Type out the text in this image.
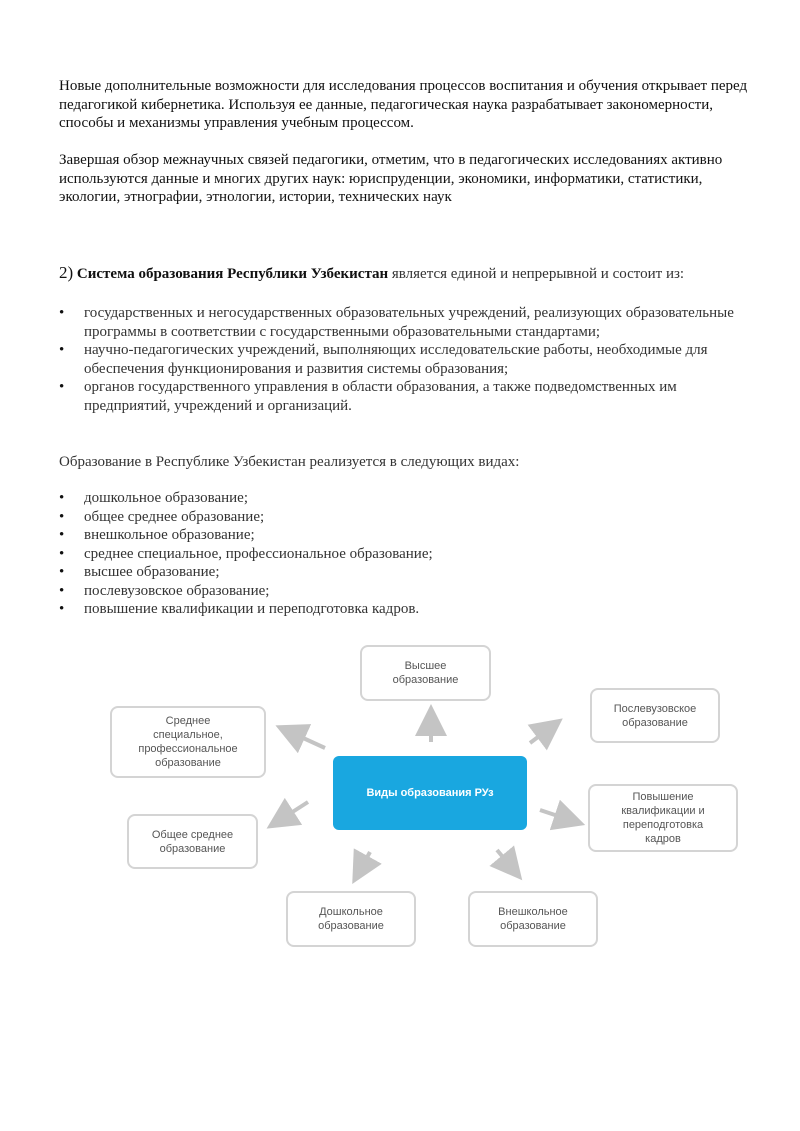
Новые дополнительные возможности для исследования процессов воспитания и обучения открывает перед педагогикой кибернетика. Используя ее данные, педагогическая наука разрабатывает закономерности, способы и механизмы управления учебным процессом.

Завершая обзор межнаучных связей педагогики, отметим, что в педагогических исследованиях активно используются данные и многих других наук: юриспруденции, экономики, информатики, статистики, экологии, этнографии, этнологии, истории, технических наук

2) Система образования Республики Узбекистан является единой и непрерывной и состоит из:

• государственных и негосударственных образовательных учреждений, реализующих образовательные программы в соответствии с государственными образовательными стандартами;
• научно-педагогических учреждений, выполняющих исследовательские работы, необходимые для обеспечения функционирования и развития системы образования;
• органов государственного управления в области образования, а также подведомственных им предприятий, учреждений и организаций.

Образование в Республике Узбекистан реализуется в следующих видах:

• дошкольное образование;
• общее среднее образование;
• внешкольное образование;
• среднее специальное, профессиональное образование;
• высшее образование;
• послевузовское образование;
• повышение квалификации и переподготовка кадров.
Виды образования РУз
Высшее
образование
Послевузовское
образование
Повышение
квалификации и
переподготовка
кадров
Внешкольное
образование
Дошкольное
образование
Общее среднее
образование
Среднее
специальное,
профессиональное
образование
